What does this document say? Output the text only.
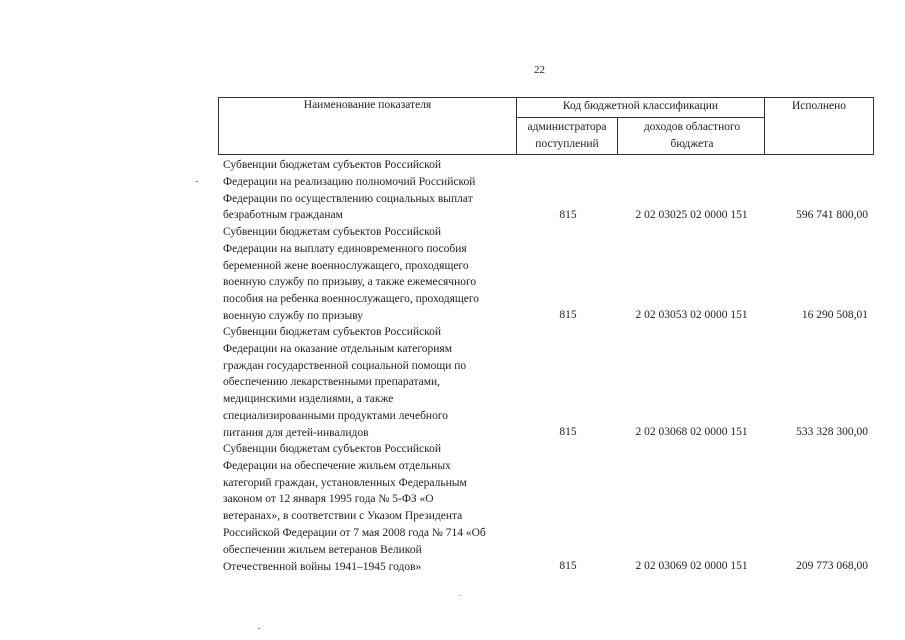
22
Наименование показателя	Код бюджетной классификации	Исполнено
администратора поступлений
доходов областного бюджета
Субвенции бюджетам субъектов Российской
Федерации на реализацию полномочий Российской
Федерации по осуществлению социальных выплат
безработным гражданам	815	2 02 03025 02 0000 151	596 741 800,00
Субвенции бюджетам субъектов Российской
Федерации на выплату единовременного пособия
беременной жене военнослужащего, проходящего
военную службу по призыву, а также ежемесячного
пособия на ребенка военнослужащего, проходящего
военную службу по призыву	815	2 02 03053 02 0000 151	16 290 508,01
Субвенции бюджетам субъектов Российской
Федерации на оказание отдельным категориям
граждан государственной социальной помощи по
обеспечению лекарственными препаратами,
медицинскими изделиями, а также
специализированными продуктами лечебного
питания для детей-инвалидов	815	2 02 03068 02 0000 151	533 328 300,00
Субвенции бюджетам субъектов Российской
Федерации на обеспечение жильем отдельных
категорий граждан, установленных Федеральным
законом от 12 января 1995 года № 5-ФЗ «О
ветеранах», в соответствии с Указом Президента
Российской Федерации от 7 мая 2008 года № 714 «Об
обеспечении жильем ветеранов Великой
Отечественной войны 1941–1945 годов»	815	2 02 03069 02 0000 151	209 773 068,00
